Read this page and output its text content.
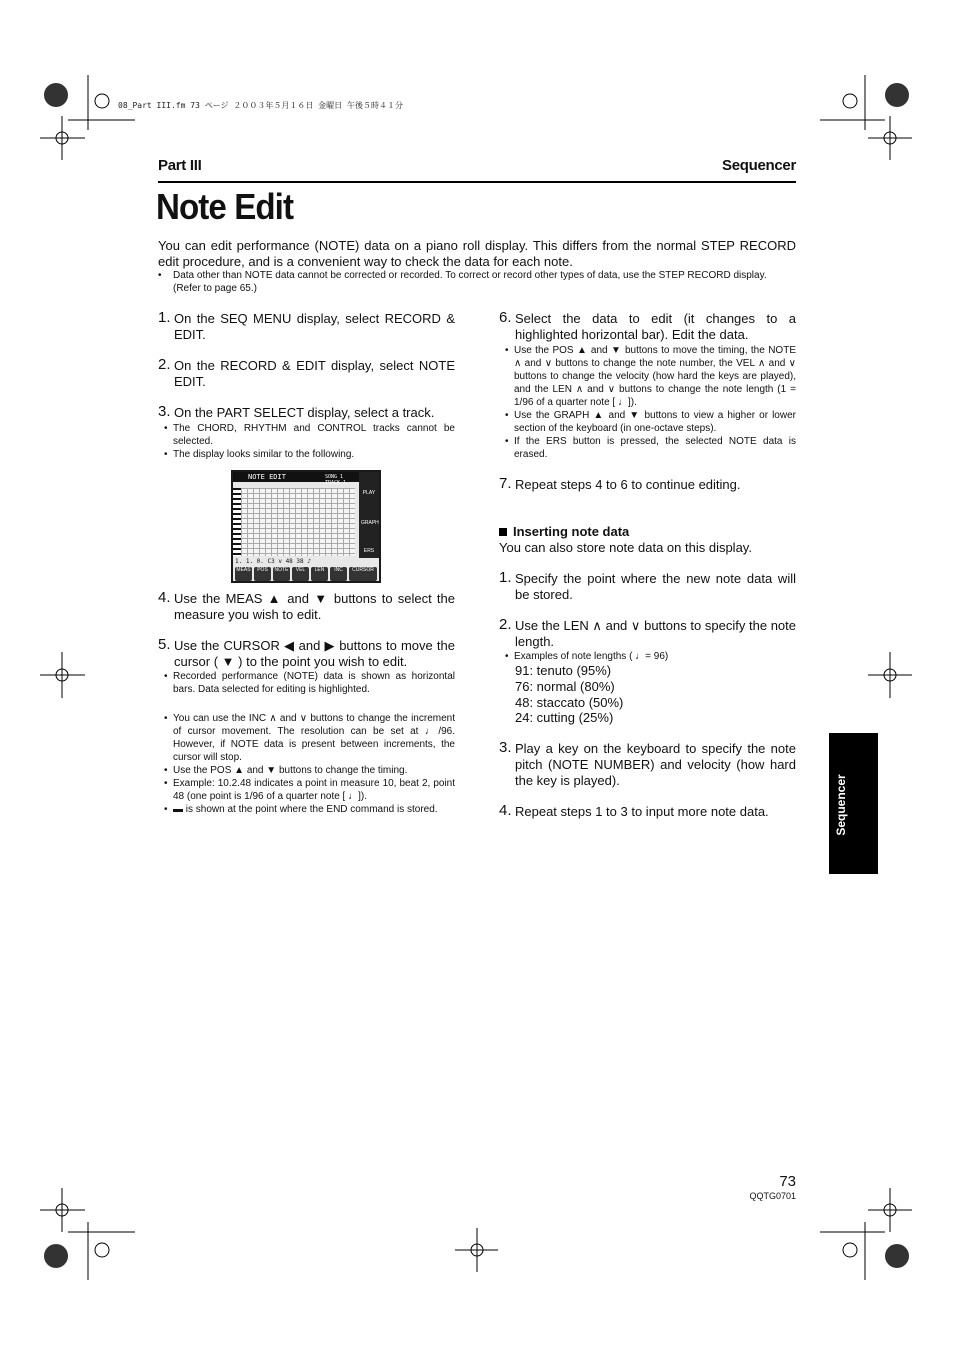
08_Part III.fm 73 ページ ２００３年５月１６日 金曜日 午後５時４１分
Part III	Sequencer
Note Edit
You can edit performance (NOTE) data on a piano roll display. This differs from the normal STEP RECORD edit procedure, and is a convenient way to check the data for each note.
• Data other than NOTE data cannot be corrected or recorded. To correct or record other types of data, use the STEP RECORD display. (Refer to page 65.)
1. On the SEQ MENU display, select RECORD & EDIT.
2. On the RECORD & EDIT display, select NOTE EDIT.
3. On the PART SELECT display, select a track.
• The CHORD, RHYTHM and CONTROL tracks cannot be selected.
• The display looks similar to the following.
4. Use the MEAS ▲ and ▼ buttons to select the measure you wish to edit.
5. Use the CURSOR ◀ and ▶ buttons to move the cursor ( ▼ ) to the point you wish to edit.
• Recorded performance (NOTE) data is shown as horizontal bars. Data selected for editing is highlighted.
• You can use the INC ∧ and ∨ buttons to change the increment of cursor movement. The resolution can be set at ♩/96. However, if NOTE data is present between increments, the cursor will stop.
• Use the POS ▲ and ▼ buttons to change the timing.
• Example: 10.2.48 indicates a point in measure 10, beat 2, point 48 (one point is 1/96 of a quarter note [ ♩]).
• ▬ is shown at the point where the END command is stored.
NOTE EDIT	SONG 1 TRACK 1
PLAY
GRAPH
ERS
1. 1. 0. C3 v 48 38 ♪
MEAS	POS	NOTE	VEL	LEN	INC	CURSOR
6. Select the data to edit (it changes to a highlighted horizontal bar). Edit the data.
• Use the POS ▲ and ▼ buttons to move the timing, the NOTE ∧ and ∨ buttons to change the note number, the VEL ∧ and ∨ buttons to change the velocity (how hard the keys are played), and the LEN ∧ and ∨ buttons to change the note length (1 = 1/96 of a quarter note [ ♩]).
• Use the GRAPH ▲ and ▼ buttons to view a higher or lower section of the keyboard (in one-octave steps).
• If the ERS button is pressed, the selected NOTE data is erased.
7. Repeat steps 4 to 6 to continue editing.
Inserting note data
You can also store note data on this display.
1. Specify the point where the new note data will be stored.
2. Use the LEN ∧ and ∨ buttons to specify the note length.
• Examples of note lengths ( ♩= 96)
91: tenuto (95%)
76: normal (80%)
48: staccato (50%)
24: cutting (25%)
3. Play a key on the keyboard to specify the note pitch (NOTE NUMBER) and velocity (how hard the key is played).
4. Repeat steps 1 to 3 to input more note data.	Sequencer
73
QQTG0701
